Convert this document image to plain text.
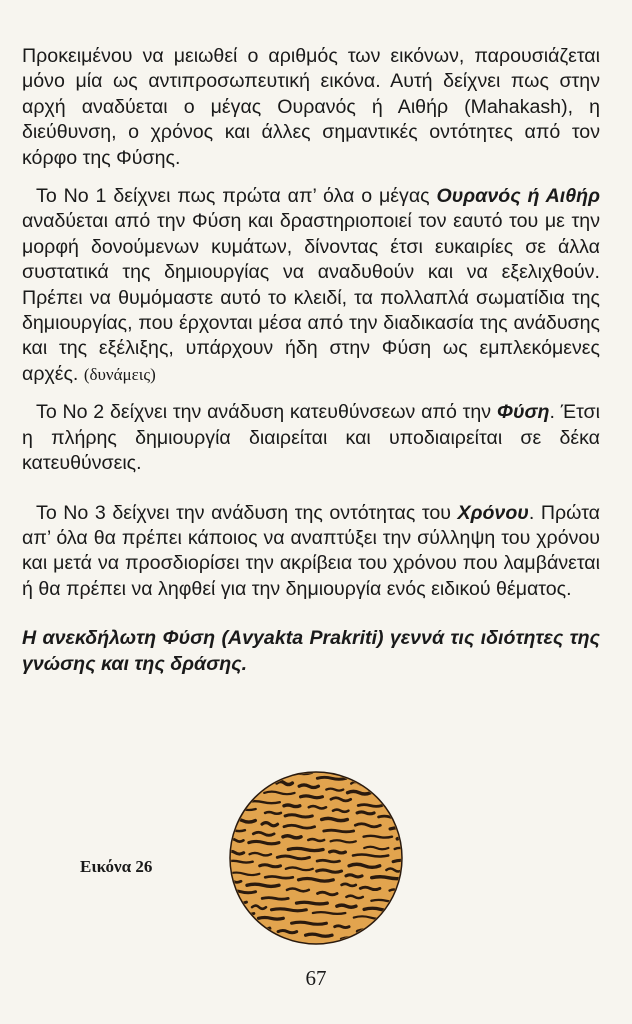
Προκειμένου να μειωθεί ο αριθμός των εικόνων, παρουσιάζεται μόνο μία ως αντιπροσωπευτική εικόνα. Αυτή δείχνει πως στην αρχή αναδύεται ο μέγας Ουρανός ή Αιθήρ (Mahakash), η διεύθυνση, ο χρόνος και άλλες σημαντικές οντότητες από τον κόρφο της Φύσης.

Το Νο 1 δείχνει πως πρώτα απ’ όλα ο μέγας Ουρανός ή Αιθήρ αναδύεται από την Φύση και δραστηριοποιεί τον εαυτό του με την μορφή δονούμενων κυμάτων, δίνοντας έτσι ευκαιρίες σε άλλα συστατικά της δημιουργίας να αναδυθούν και να εξελιχθούν. Πρέπει να θυμόμαστε αυτό το κλειδί, τα πολλαπλά σωματίδια της δημιουργίας, που έρχονται μέσα από την διαδικασία της ανάδυσης και της εξέλιξης, υπάρχουν ήδη στην Φύση ως εμπλεκόμενες αρχές. (δυνάμεις)

Το Νο 2 δείχνει την ανάδυση κατευθύνσεων από την Φύση. Έτσι η πλήρης δημιουργία διαιρείται και υποδιαιρείται σε δέκα κατευθύνσεις.

Το Νο 3 δείχνει την ανάδυση της οντότητας του Χρόνου. Πρώτα απ’ όλα θα πρέπει κάποιος να αναπτύξει την σύλληψη του χρόνου και μετά να προσδιορίσει την ακρίβεια του χρόνου που λαμβάνεται ή θα πρέπει να ληφθεί για την δημιουργία ενός ειδικού θέματος.

Η ανεκδήλωτη Φύση (Avyakta Prakriti) γεννά τις ιδιότητες της γνώσης και της δράσης.

Εικόνα 26
67
